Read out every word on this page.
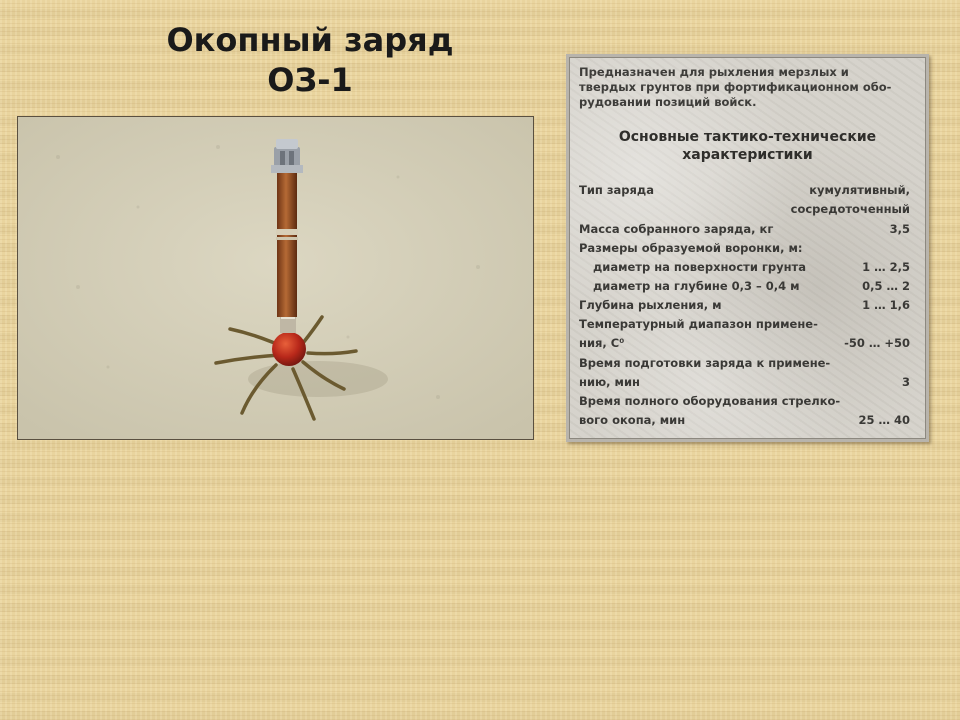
Окопный заряд
ОЗ-1	Предназначен для рыхления мерзлых и
твердых грунтов при фортификационном обо-
рудовании позиций войск.
Основные тактико-технические
характеристики
Тип заряда	кумулятивный,
сосредоточенный
Масса собранного заряда, кг	3,5
Размеры образуемой воронки, м:
диаметр на поверхности грунта	1 … 2,5
диаметр на глубине 0,3 – 0,4 м	0,5 … 2
Глубина рыхления, м	1 … 1,6
Температурный диапазон примене-
ния, С⁰	-50 … +50
Время подготовки заряда к примене-
нию, мин	3
Время полного оборудования стрелко-
вого окопа, мин	25 … 40
